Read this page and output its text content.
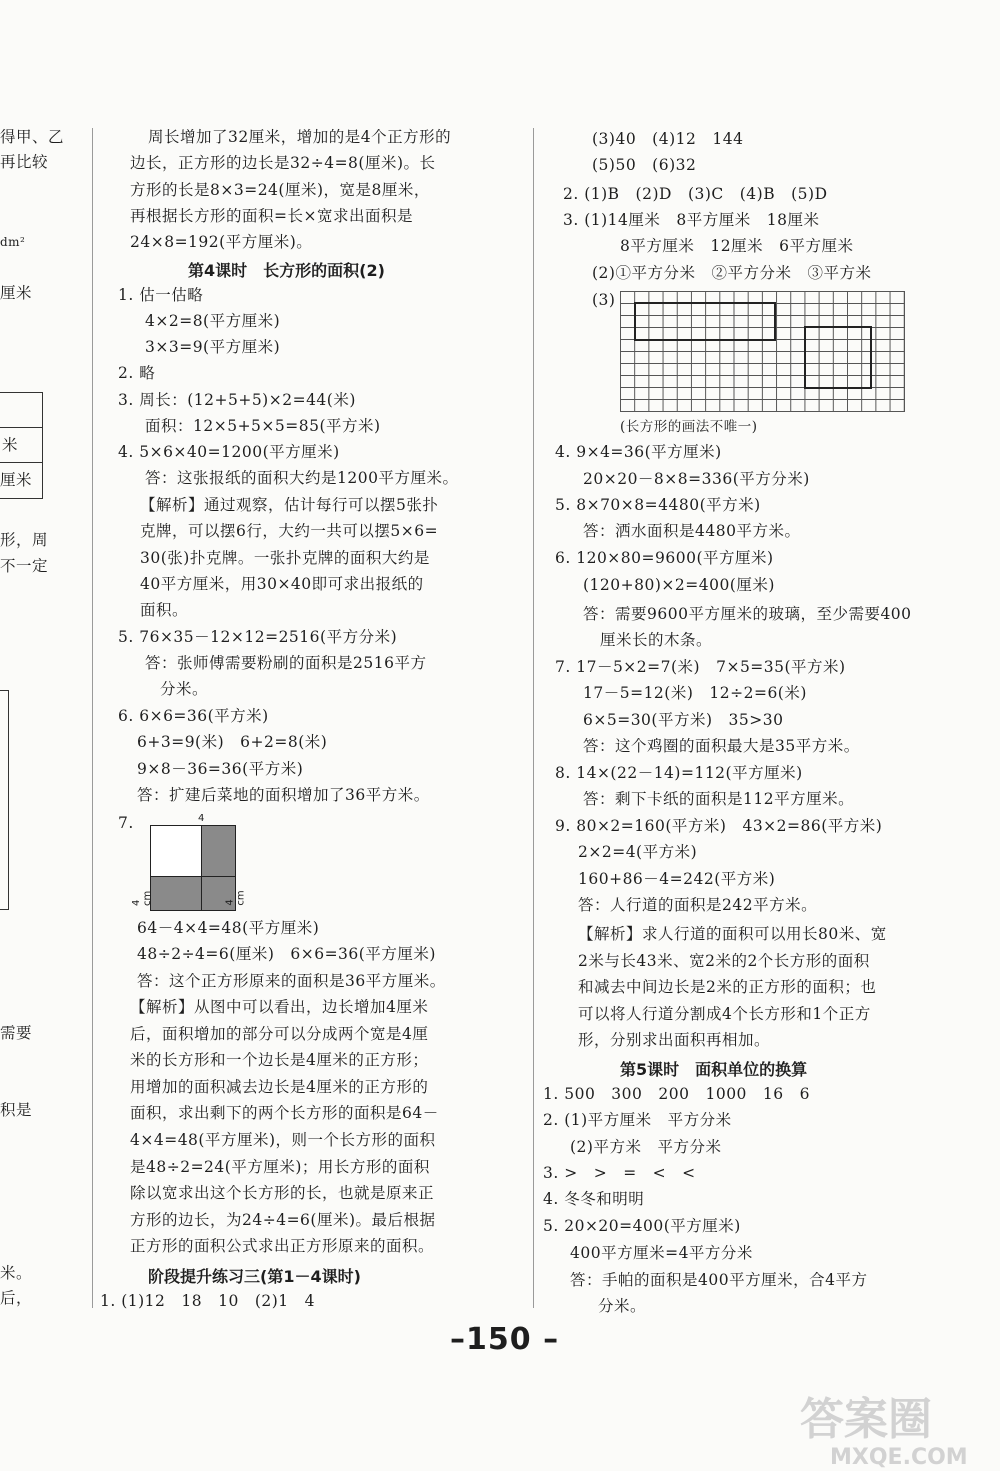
得甲、乙
再比较
dm²
厘米
米
厘米
形，周
不一定
需要
积是
米。
后，
周长增加了32厘米，增加的是4个正方形的
边长，正方形的边长是32÷4=8(厘米)。长
方形的长是8×3=24(厘米)，宽是8厘米，
再根据长方形的面积=长×宽求出面积是
24×8=192(平方厘米)。
第4课时　长方形的面积(2)
1. 估一估略
4×2=8(平方厘米)
3×3=9(平方厘米)
2. 略
3. 周长：(12+5+5)×2=44(米)
面积：12×5+5×5=85(平方米)
4. 5×6×40=1200(平方厘米)
答：这张报纸的面积大约是1200平方厘米。
【解析】通过观察，估计每行可以摆5张扑
克牌，可以摆6行，大约一共可以摆5×6=
30(张)扑克牌。一张扑克牌的面积大约是
40平方厘米，用30×40即可求出报纸的
面积。
5. 76×35－12×12=2516(平方分米)
答：张师傅需要粉刷的面积是2516平方
分米。
6. 6×6=36(平方米)
6+3=9(米)　6+2=8(米)
9×8－36=36(平方米)
答：扩建后菜地的面积增加了36平方米。
7.	4
4 cm	4 cm
64－4×4=48(平方厘米)
48÷2÷4=6(厘米)　6×6=36(平方厘米)
答：这个正方形原来的面积是36平方厘米。
【解析】从图中可以看出，边长增加4厘米
后，面积增加的部分可以分成两个宽是4厘
米的长方形和一个边长是4厘米的正方形；
用增加的面积减去边长是4厘米的正方形的
面积，求出剩下的两个长方形的面积是64－
4×4=48(平方厘米)，则一个长方形的面积
是48÷2=24(平方厘米)；用长方形的面积
除以宽求出这个长方形的长，也就是原来正
方形的边长，为24÷4=6(厘米)。最后根据
正方形的面积公式求出正方形原来的面积。
阶段提升练习三(第1－4课时)
1. (1)12　18　10　(2)1　4
(3)40　(4)12　144
(5)50　(6)32
2. (1)B　(2)D　(3)C　(4)B　(5)D
3. (1)14厘米　8平方厘米　18厘米
8平方厘米　12厘米　6平方厘米
(2)①平方分米　②平方分米　③平方米
(3)
(长方形的画法不唯一)
4. 9×4=36(平方厘米)
20×20－8×8=336(平方分米)
5. 8×70×8=4480(平方米)
答：洒水面积是4480平方米。
6. 120×80=9600(平方厘米)
(120+80)×2=400(厘米)
答：需要9600平方厘米的玻璃，至少需要400
厘米长的木条。
7. 17－5×2=7(米)　7×5=35(平方米)
17－5=12(米)　12÷2=6(米)
6×5=30(平方米)　35>30
答：这个鸡圈的面积最大是35平方米。
8. 14×(22－14)=112(平方厘米)
答：剩下卡纸的面积是112平方厘米。
9. 80×2=160(平方米)　43×2=86(平方米)
2×2=4(平方米)
160+86－4=242(平方米)
答：人行道的面积是242平方米。
【解析】求人行道的面积可以用长80米、宽
2米与长43米、宽2米的2个长方形的面积
和减去中间边长是2米的正方形的面积；也
可以将人行道分割成4个长方形和1个正方
形，分别求出面积再相加。
第5课时　面积单位的换算
1. 500　300　200　1000　16　6
2. (1)平方厘米　平方分米
(2)平方米　平方分米
3. >　>　=　<　<
4. 冬冬和明明
5. 20×20=400(平方厘米)
400平方厘米=4平方分米
答：手帕的面积是400平方厘米，合4平方
分米。
–150 –
答案圈
MXQE.COM
